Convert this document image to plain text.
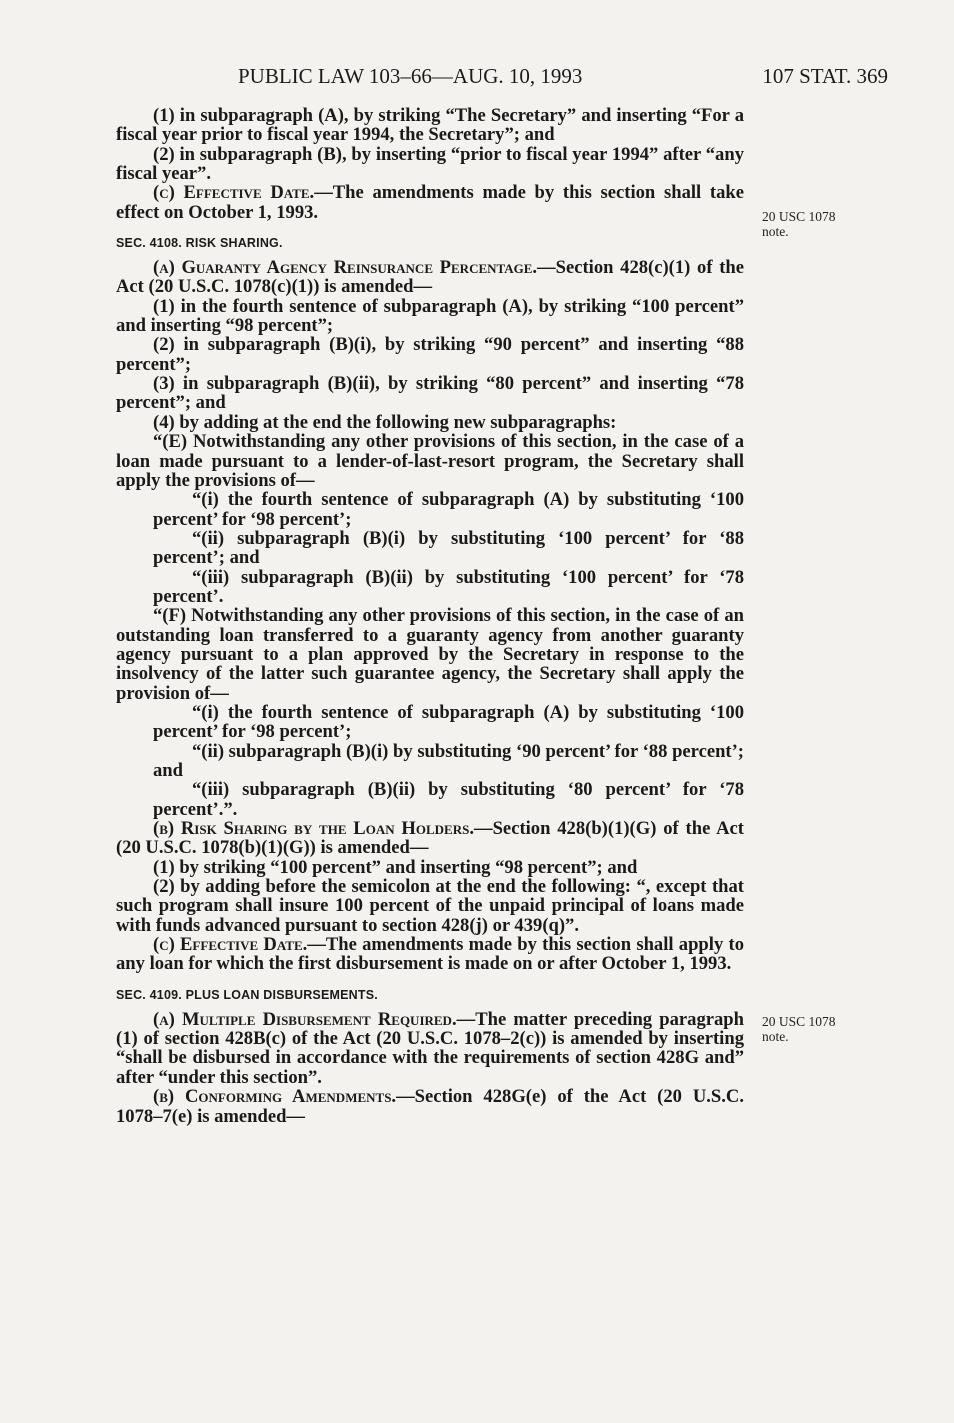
PUBLIC LAW 103–66—AUG. 10, 1993	107 STAT. 369
20 USC 1078
note.
20 USC 1078
note.

(1) in subparagraph (A), by striking “The Secretary” and inserting “For a fiscal year prior to fiscal year 1994, the Secretary”; and

(2) in subparagraph (B), by inserting “prior to fiscal year 1994” after “any fiscal year”.

(c) Effective Date.—The amendments made by this section shall take effect on October 1, 1993.

SEC. 4108. RISK SHARING.

(a) Guaranty Agency Reinsurance Percentage.—Section 428(c)(1) of the Act (20 U.S.C. 1078(c)(1)) is amended—

(1) in the fourth sentence of subparagraph (A), by striking “100 percent” and inserting “98 percent”;

(2) in subparagraph (B)(i), by striking “90 percent” and inserting “88 percent”;

(3) in subparagraph (B)(ii), by striking “80 percent” and inserting “78 percent”; and

(4) by adding at the end the following new subparagraphs:

“(E) Notwithstanding any other provisions of this section, in the case of a loan made pursuant to a lender-of-last-resort program, the Secretary shall apply the provisions of—

“(i) the fourth sentence of subparagraph (A) by substituting ‘100 percent’ for ‘98 percent’;

“(ii) subparagraph (B)(i) by substituting ‘100 percent’ for ‘88 percent’; and

“(iii) subparagraph (B)(ii) by substituting ‘100 percent’ for ‘78 percent’.

“(F) Notwithstanding any other provisions of this section, in the case of an outstanding loan transferred to a guaranty agency from another guaranty agency pursuant to a plan approved by the Secretary in response to the insolvency of the latter such guarantee agency, the Secretary shall apply the provision of—

“(i) the fourth sentence of subparagraph (A) by substituting ‘100 percent’ for ‘98 percent’;

“(ii) subparagraph (B)(i) by substituting ‘90 percent’ for ‘88 percent’; and

“(iii) subparagraph (B)(ii) by substituting ‘80 percent’ for ‘78 percent’.”.

(b) Risk Sharing by the Loan Holders.—Section 428(b)(1)(G) of the Act (20 U.S.C. 1078(b)(1)(G)) is amended—

(1) by striking “100 percent” and inserting “98 percent”; and

(2) by adding before the semicolon at the end the following: “, except that such program shall insure 100 percent of the unpaid principal of loans made with funds advanced pursuant to section 428(j) or 439(q)”.

(c) Effective Date.—The amendments made by this section shall apply to any loan for which the first disbursement is made on or after October 1, 1993.

SEC. 4109. PLUS LOAN DISBURSEMENTS.

(a) Multiple Disbursement Required.—The matter preceding paragraph (1) of section 428B(c) of the Act (20 U.S.C. 1078–2(c)) is amended by inserting “shall be disbursed in accordance with the requirements of section 428G and” after “under this section”.

(b) Conforming Amendments.—Section 428G(e) of the Act (20 U.S.C. 1078–7(e) is amended—
